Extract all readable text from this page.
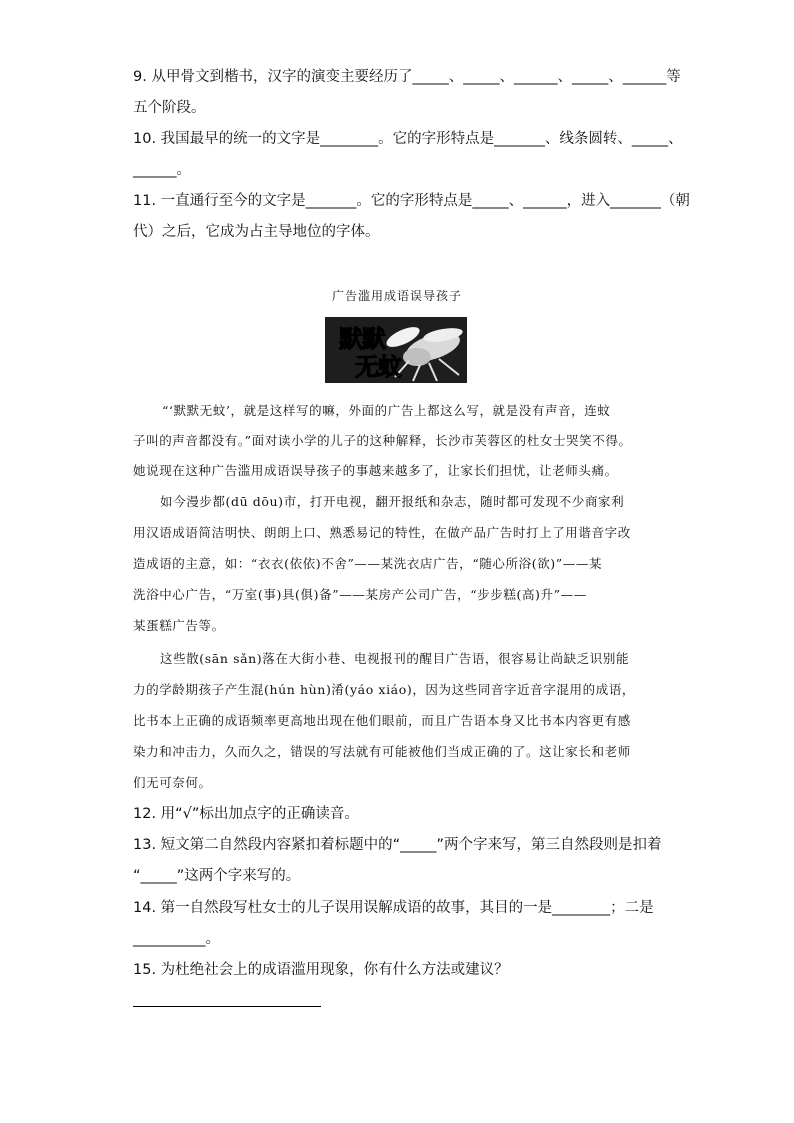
9. 从甲骨文到楷书，汉字的演变主要经历了_____、_____、______、_____、______等
五个阶段。
10. 我国最早的统一的文字是________。它的字形特点是_______、线条圆转、_____、
______。
11. 一直通行至今的文字是_______。它的字形特点是_____、______，进入_______（朝
代）之后，它成为占主导地位的字体。
广告滥用成语误导孩子
默默
无蚊
“‘默默无蚊’，就是这样写的嘛，外面的广告上都这么写，就是没有声音，连蚊
子叫的声音都没有。”面对读小学的儿子的这种解释，长沙市芙蓉区的杜女士哭笑不得。
她说现在这种广告滥用成语误导孩子的事越来越多了，让家长们担忧，让老师头痛。
如今漫步都(dū dōu)市，打开电视，翻开报纸和杂志，随时都可发现不少商家利
用汉语成语简洁明快、朗朗上口、熟悉易记的特性，在做产品广告时打上了用谐音字改
造成语的主意，如：“衣衣(依依)不舍”——某洗衣店广告，“随心所浴(欲)”——某
洗浴中心广告，“万室(事)具(俱)备”——某房产公司广告，“步步糕(高)升”——
某蛋糕广告等。
这些散(sān sǎn)落在大街小巷、电视报刊的醒目广告语，很容易让尚缺乏识别能
力的学龄期孩子产生混(hún hùn)淆(yáo xiáo)，因为这些同音字近音字混用的成语，
比书本上正确的成语频率更高地出现在他们眼前，而且广告语本身又比书本内容更有感
染力和冲击力，久而久之，错误的写法就有可能被他们当成正确的了。这让家长和老师
们无可奈何。
12. 用“√”标出加点字的正确读音。
13. 短文第二自然段内容紧扣着标题中的“_____”两个字来写，第三自然段则是扣着
“_____”这两个字来写的。
14. 第一自然段写杜女士的儿子误用误解成语的故事，其目的一是________；二是
__________。
15. 为杜绝社会上的成语滥用现象，你有什么方法或建议？
